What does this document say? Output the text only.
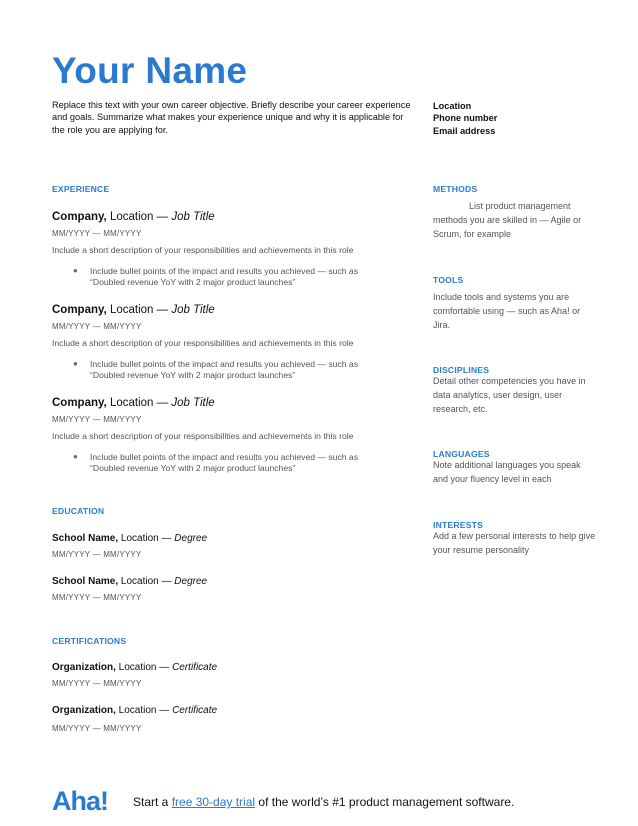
Your Name
Replace this text with your own career objective. Briefly describe your career experience and goals. Summarize what makes your experience unique and why it is applicable for the role you are applying for.
Location
Phone number
Email address
EXPERIENCE
Company, Location — Job Title
MM/YYYY — MM/YYYY
Include a short description of your responsibilities and achievements in this role
● Include bullet points of the impact and results you achieved — such as “Doubled revenue YoY with 2 major product launches”
Company, Location — Job Title
MM/YYYY — MM/YYYY
Include a short description of your responsibilities and achievements in this role
● Include bullet points of the impact and results you achieved — such as “Doubled revenue YoY with 2 major product launches”
Company, Location — Job Title
MM/YYYY — MM/YYYY
Include a short description of your responsibilities and achievements in this role
● Include bullet points of the impact and results you achieved — such as “Doubled revenue YoY with 2 major product launches”
EDUCATION
School Name, Location — Degree
MM/YYYY — MM/YYYY
School Name, Location — Degree
MM/YYYY — MM/YYYY
CERTIFICATIONS
Organization, Location — Certificate
MM/YYYY — MM/YYYY
Organization, Location — Certificate
MM/YYYY — MM/YYYY
METHODS
List product management methods you are skilled in — Agile or Scrum, for example
TOOLS
Include tools and systems you are comfortable using — such as Aha! or Jira.
DISCIPLINES
Detail other competencies you have in data analytics, user design, user research, etc.
LANGUAGES
Note additional languages you speak and your fluency level in each
INTERESTS
Add a few personal interests to help give your resume personality
Aha! Start a free 30-day trial of the world’s #1 product management software.
